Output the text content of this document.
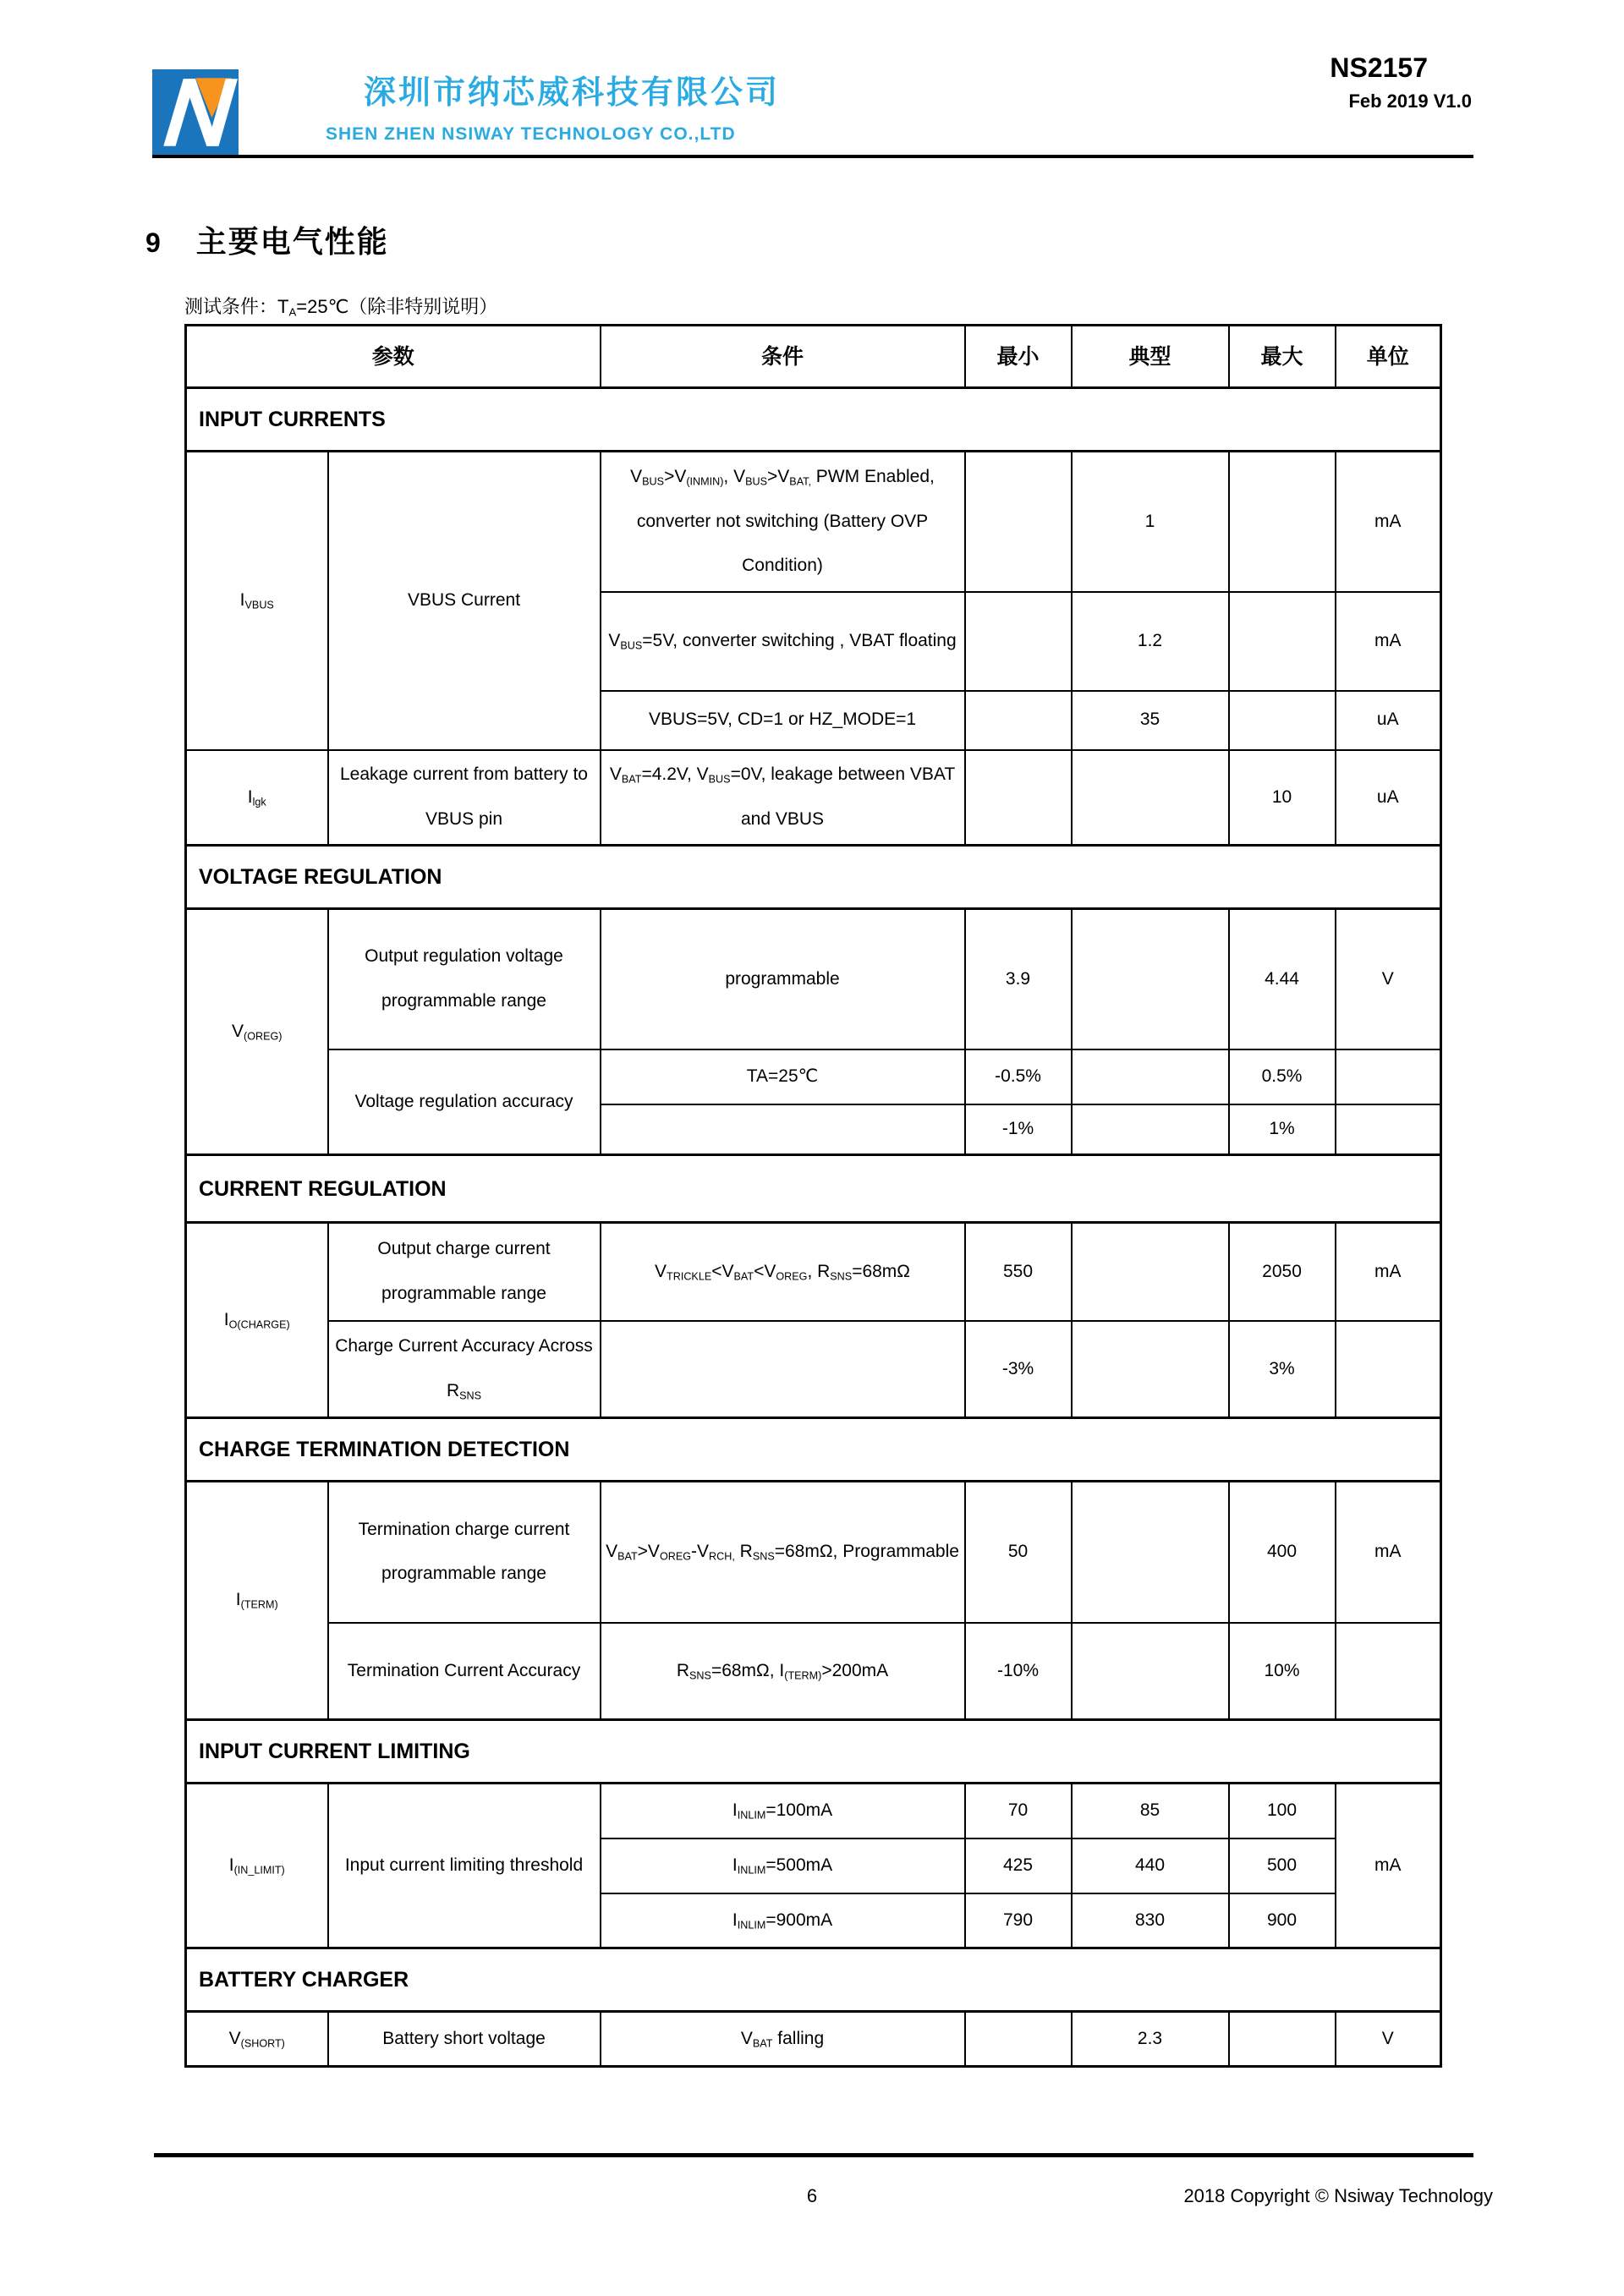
深圳市纳芯威科技有限公司
SHEN ZHEN NSIWAY TECHNOLOGY CO.,LTD
NS2157
Feb 2019 V1.0
9 主要电气性能
测试条件：$T_A=25℃$（除非特别说明）
参数		条件	最小	典型	最大	单位
INPUT CURRENTS						
$I_{VBUS}$	VBUS Current	$V_{BUS}>V_{(INMIN)}$, $V_{BUS}>V_{BAT,}$ PWM Enabled, converter not switching (Battery OVP Condition)		1		mA
		$V_{BUS}=5V$, converter switching , VBAT floating		1.2		mA
		VBUS=5V, CD=1 or HZ_MODE=1		35		uA
$I_{lgk}$	Leakage current from battery to VBUS pin	$V_{BAT}=4.2V$, $V_{BUS}=0V$, leakage between VBAT and VBUS			10	uA
VOLTAGE REGULATION						
$V_{(OREG)}$	Output regulation voltage programmable range	programmable	3.9		4.44	V
	Voltage regulation accuracy	TA=25℃	-0.5%		0.5%	
			-1%		1%	
CURRENT REGULATION						
$I_{O(CHARGE)}$	Output charge current programmable range	$V_{TRICKLE}<V_{BAT}<V_{OREG}$, $R_{SNS}=68m\Omega$	550		2050	mA
	Charge Current Accuracy Across $R_{SNS}$		-3%		3%	
CHARGE TERMINATION DETECTION						
$I_{(TERM)}$	Termination charge current programmable range	$V_{BAT}>V_{OREG}-V_{RCH,}$ $R_{SNS}=68m\Omega$, Programmable	50		400	mA
	Termination Current Accuracy	$R_{SNS}=68m\Omega$, $I_{(TERM)}>200mA$	-10%		10%	
INPUT CURRENT LIMITING						
$I_{(IN\_LIMIT)}$	Input current limiting threshold	$I_{INLIM}=100mA$	70	85	100	mA
		$I_{INLIM}=500mA$	425	440	500	
		$I_{INLIM}=900mA$	790	830	900	
BATTERY CHARGER						
$V_{(SHORT)}$	Battery short voltage	$V_{BAT}$ falling		2.3		V
6	2018 Copyright © Nsiway Technology
